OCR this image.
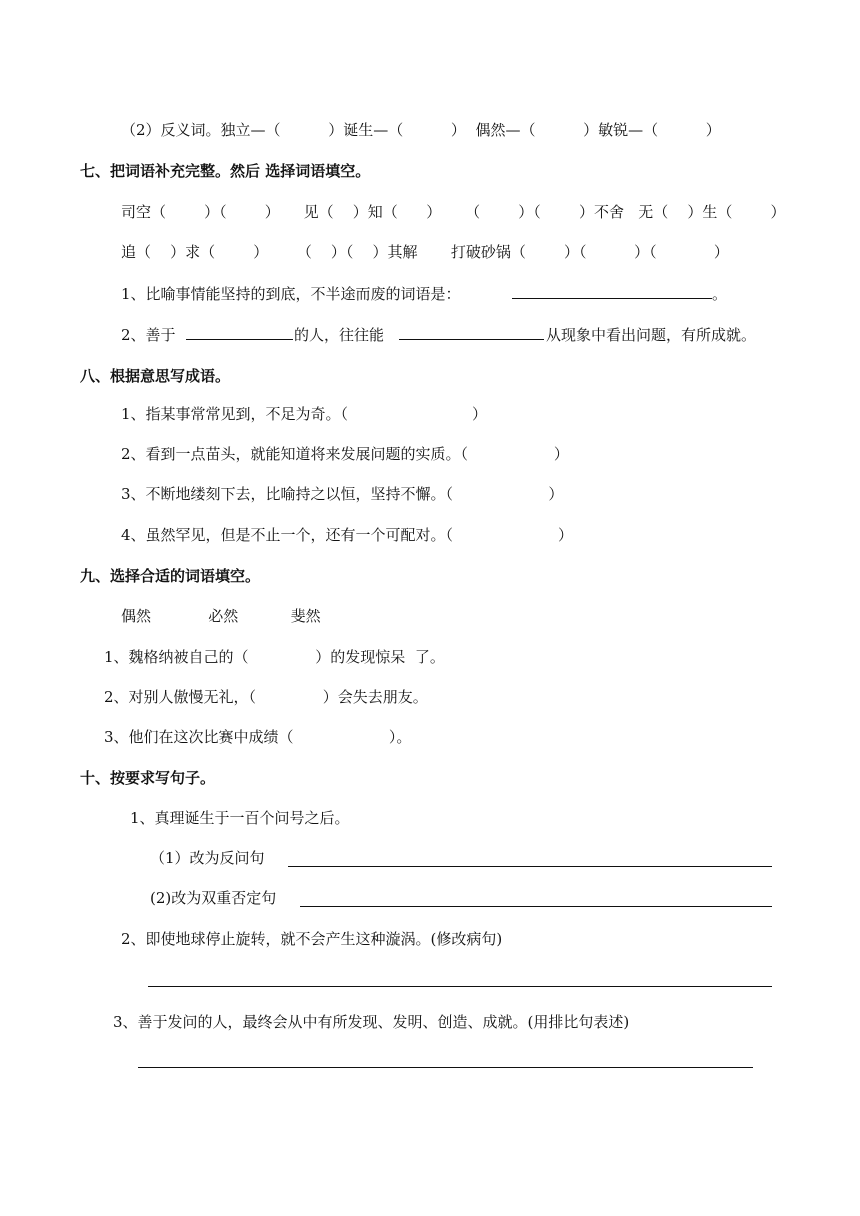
（2）反义词。独立—（          ）诞生—（          ）  偶然—（          ）敏锐—（          ）
七、把词语补充完整。然后 选择词语填空。
司空（        ）（        ）     见（    ）知（      ）     （        ）（        ）不舍   无（    ）生（        ）
追（    ）求（        ）      （    ）（    ）其解       打破砂锅（        ）（          ）（            ）
1、比喻事情能坚持的到底，不半途而废的词语是：	。
2、善于	的人，往往能	从现象中看出问题，有所成就。
八、根据意思写成语。
1、指某事常常见到，不足为奇。（                          ）
2、看到一点苗头，就能知道将来发展问题的实质。（                  ）
3、不断地缕刻下去，比喻持之以恒，坚持不懈。（                    ）
4、虽然罕见，但是不止一个，还有一个可配对。（                      ）
九、选择合适的词语填空。
偶然            必然           斐然
1、魏格纳被自己的（              ）的发现惊呆  了。
2、对别人傲慢无礼，（              ）会失去朋友。
3、他们在这次比赛中成绩（                    ）。
十、按要求写句子。
1、真理诞生于一百个问号之后。
（1）改为反问句
(2)改为双重否定句
2、即使地球停止旋转，就不会产生这种漩涡。(修改病句)
3、善于发问的人，最终会从中有所发现、发明、创造、成就。(用排比句表述)
